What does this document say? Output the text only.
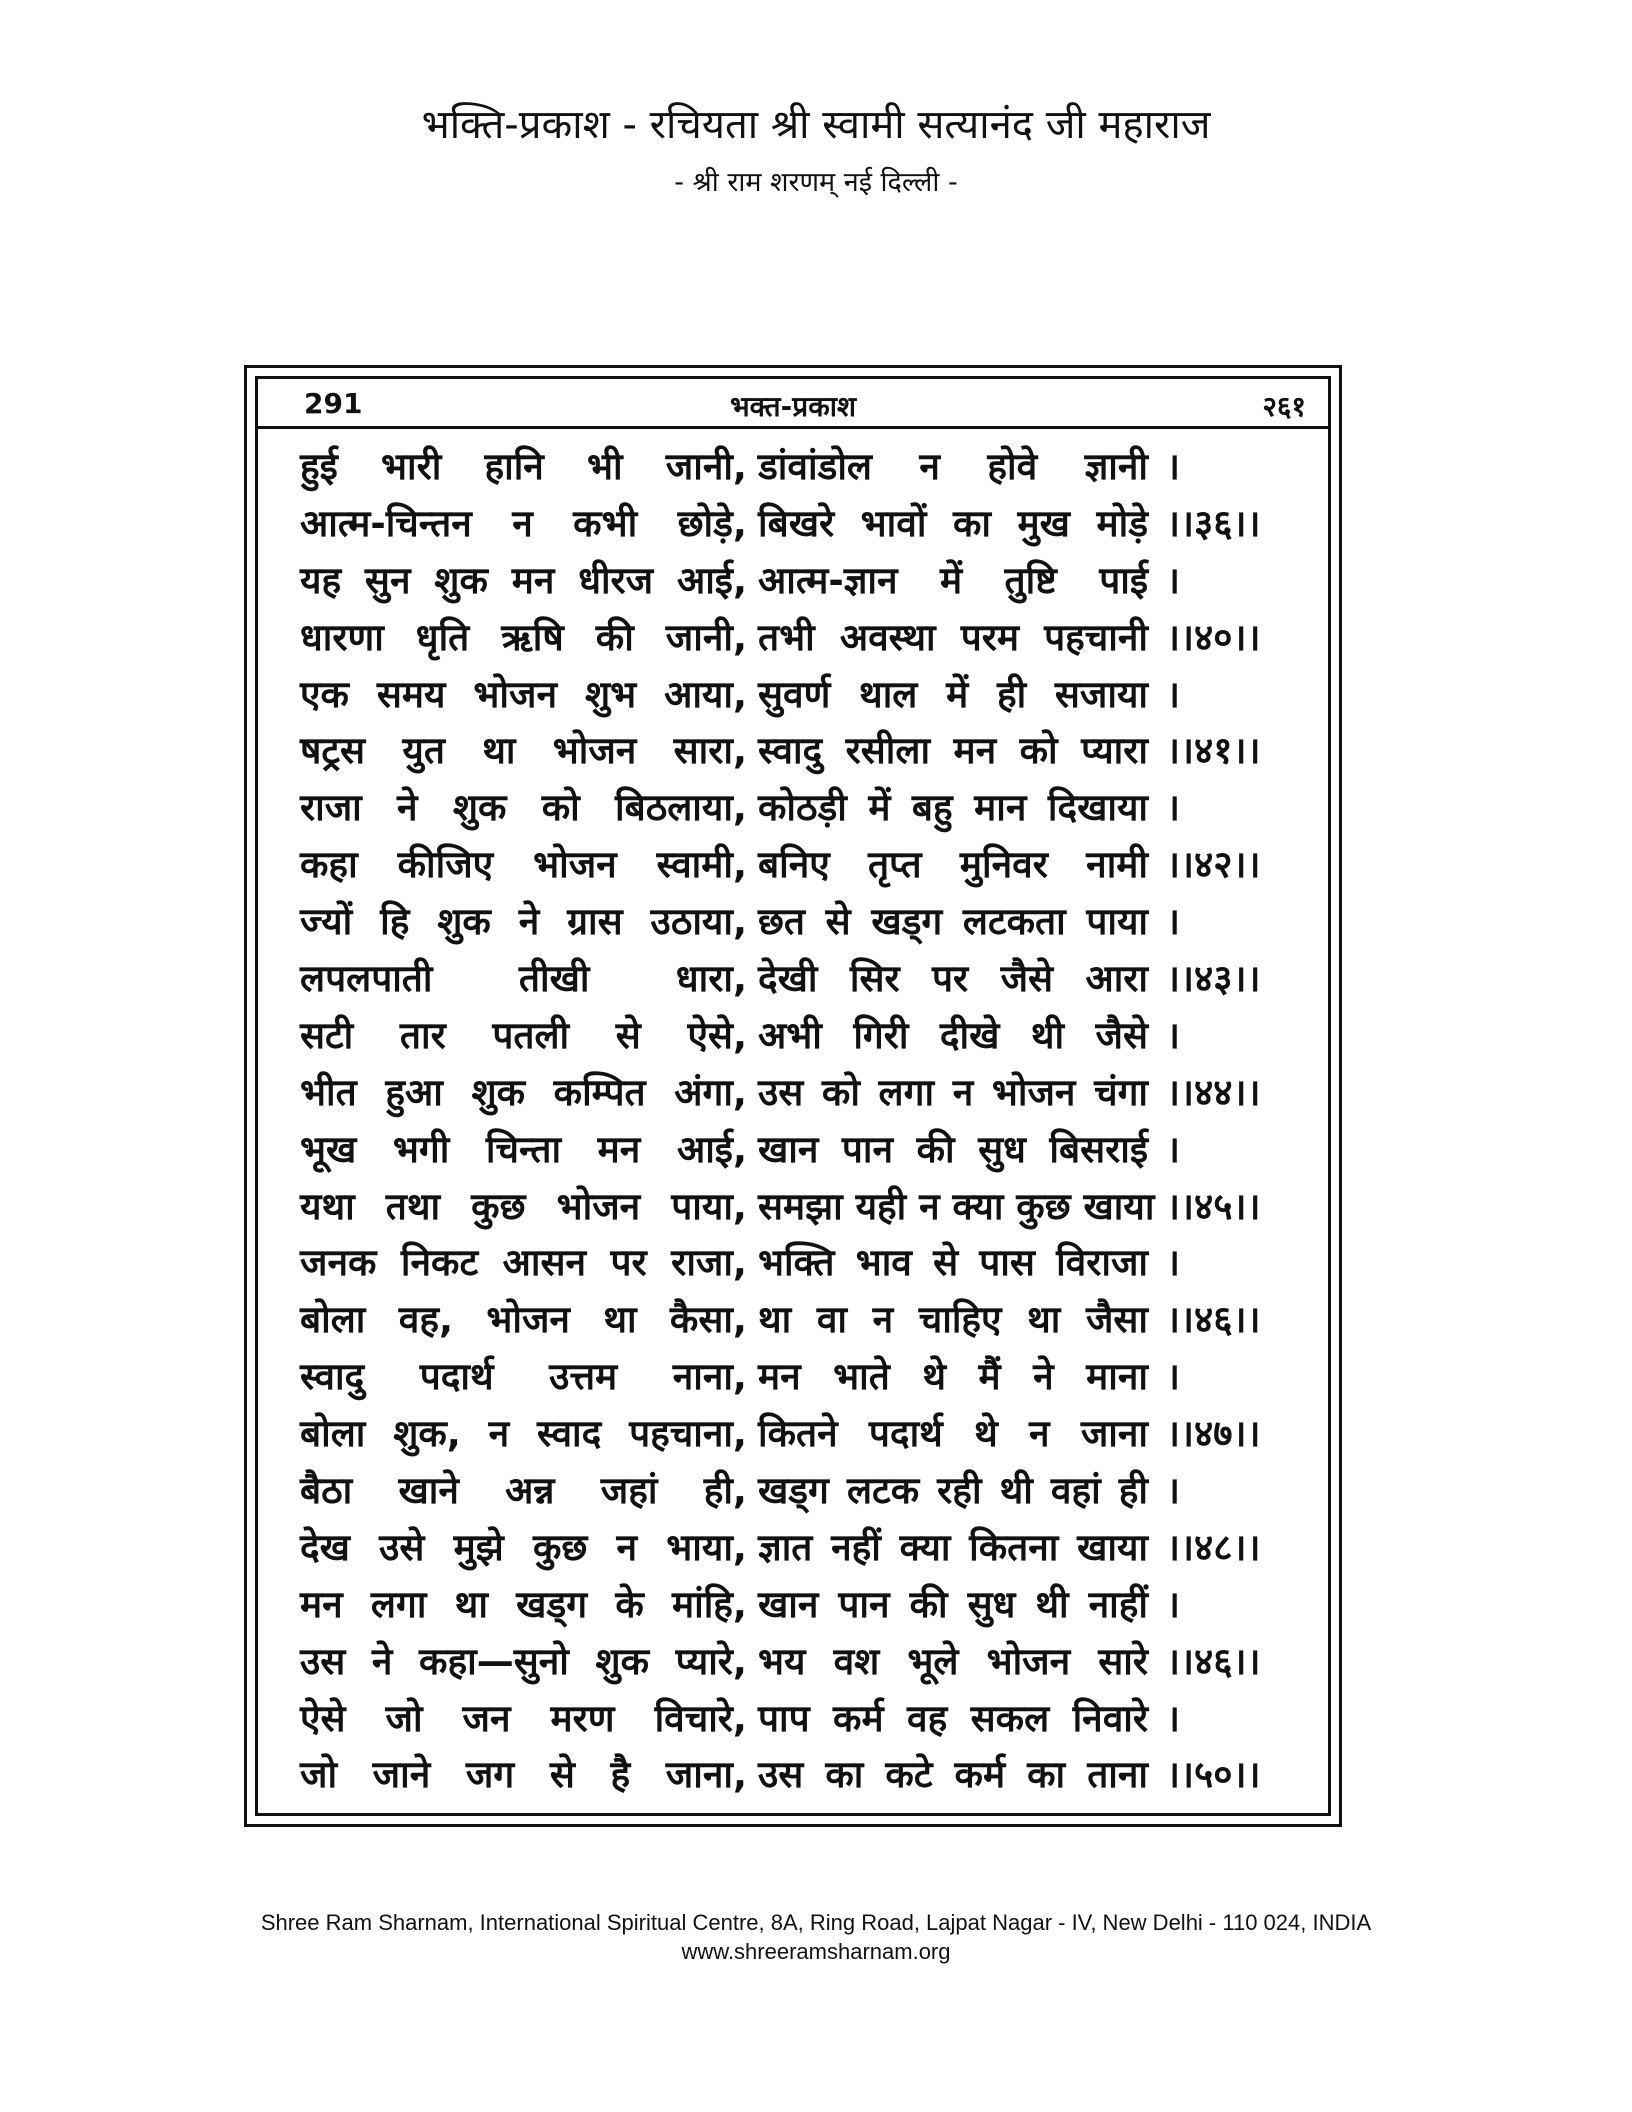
भक्ति-प्रकाश - रचियता श्री स्वामी सत्यानंद जी महाराज
- श्री राम शरणम् नई दिल्ली -
291	भक्त-प्रकाश	२६१
हुई भारी हानि भी जानी, डांवांडोल न होवे ज्ञानी ।
आत्म-चिन्तन न कभी छोड़े, बिखरे भावों का मुख मोड़े ।।३६।।
यह सुन शुक मन धीरज आई, आत्म-ज्ञान में तुष्टि पाई ।
धारणा धृति ऋषि की जानी, तभी अवस्था परम पहचानी ।।४०।।
एक समय भोजन शुभ आया, सुवर्ण थाल में ही सजाया ।
षट्रस युत था भोजन सारा, स्वादु रसीला मन को प्यारा ।।४१।।
राजा ने शुक को बिठलाया, कोठड़ी में बहु मान दिखाया ।
कहा कीजिए भोजन स्वामी, बनिए तृप्त मुनिवर नामी ।।४२।।
ज्यों हि शुक ने ग्रास उठाया, छत से खड्ग लटकता पाया ।
लपलपाती तीखी धारा, देखी सिर पर जैसे आरा ।।४३।।
सटी तार पतली से ऐसे, अभी गिरी दीखे थी जैसे ।
भीत हुआ शुक कम्पित अंगा, उस को लगा न भोजन चंगा ।।४४।।
भूख भगी चिन्ता मन आई, खान पान की सुध बिसराई ।
यथा तथा कुछ भोजन पाया, समझा यही न क्या कुछ खाया ।।४५।।
जनक निकट आसन पर राजा, भक्ति भाव से पास विराजा ।
बोला वह, भोजन था कैसा, था वा न चाहिए था जैसा ।।४६।।
स्वादु पदार्थ उत्तम नाना, मन भाते थे मैं ने माना ।
बोला शुक, न स्वाद पहचाना, कितने पदार्थ थे न जाना ।।४७।।
बैठा खाने अन्न जहां ही, खड्ग लटक रही थी वहां ही ।
देख उसे मुझे कुछ न भाया, ज्ञात नहीं क्या कितना खाया ।।४८।।
मन लगा था खड्ग के मांहि, खान पान की सुध थी नाहीं ।
उस ने कहा—सुनो शुक प्यारे, भय वश भूले भोजन सारे ।।४६।।
ऐसे जो जन मरण विचारे, पाप कर्म वह सकल निवारे ।
जो जाने जग से है जाना, उस का कटे कर्म का ताना ।।५०।।
Shree Ram Sharnam, International Spiritual Centre, 8A, Ring Road, Lajpat Nagar - IV, New Delhi - 110 024, INDIA
www.shreeramsharnam.org
